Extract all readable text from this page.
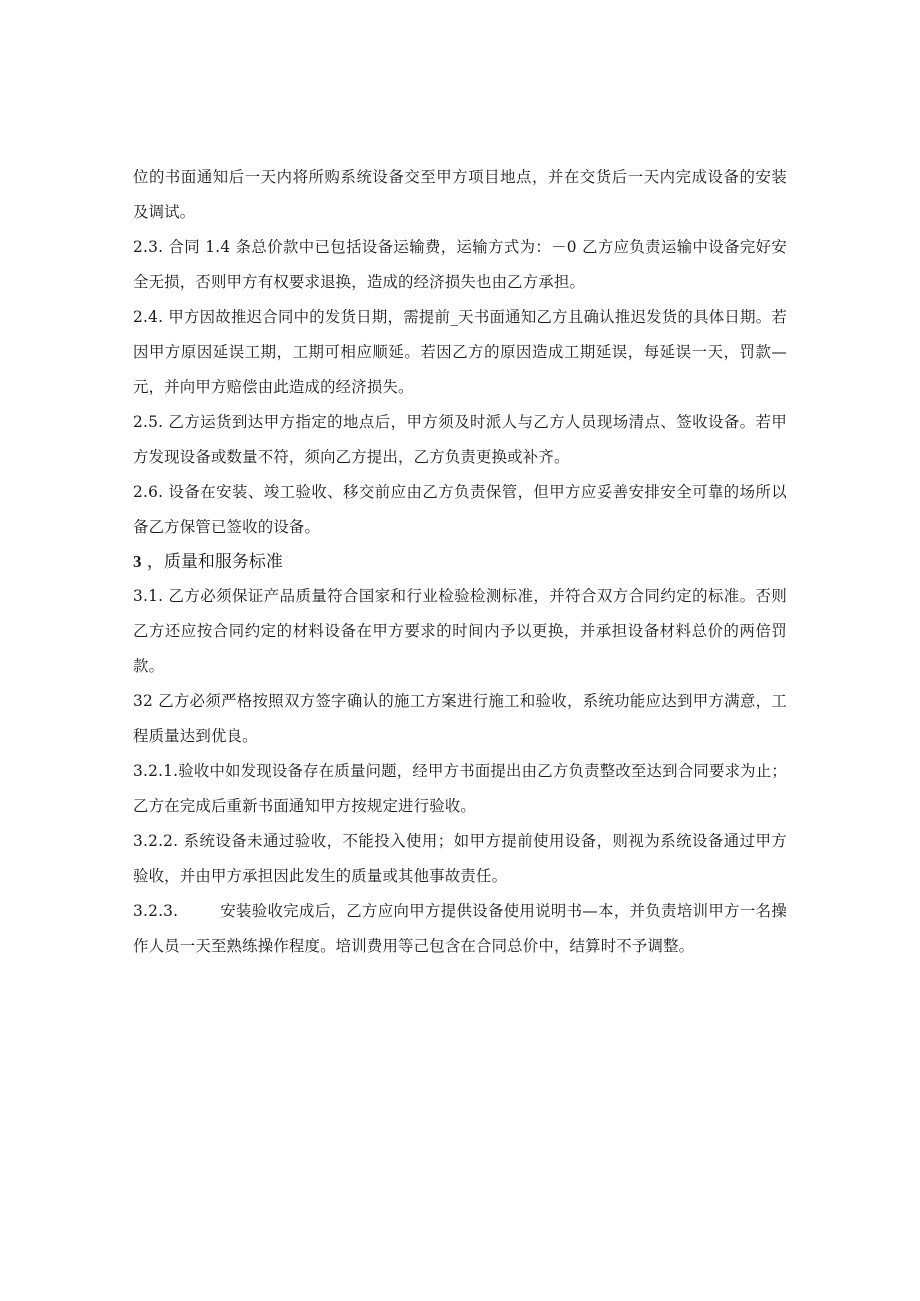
位的书面通知后一天内将所购系统设备交至甲方项目地点，并在交货后一天内完成设备的安装及调试。

2.3. 合同 1.4 条总价款中已包括设备运输费，运输方式为：－0 乙方应负责运输中设备完好安全无损，否则甲方有权要求退换，造成的经济损失也由乙方承担。

2.4. 甲方因故推迟合同中的发货日期，需提前_天书面通知乙方且确认推迟发货的具体日期。若因甲方原因延误工期，工期可相应顺延。若因乙方的原因造成工期延误，每延误一天，罚款—元，并向甲方赔偿由此造成的经济损失。

2.5. 乙方运货到达甲方指定的地点后，甲方须及时派人与乙方人员现场清点、签收设备。若甲方发现设备或数量不符，须向乙方提出，乙方负责更换或补齐。

2.6. 设备在安装、竣工验收、移交前应由乙方负责保管，但甲方应妥善安排安全可靠的场所以备乙方保管已签收的设备。

3 ，质量和服务标准

3.1. 乙方必须保证产品质量符合国家和行业检验检测标准，并符合双方合同约定的标准。否则乙方还应按合同约定的材料设备在甲方要求的时间内予以更换，并承担设备材料总价的两倍罚款。

32 乙方必须严格按照双方签字确认的施工方案进行施工和验收，系统功能应达到甲方满意，工程质量达到优良。

3.2.1.验收中如发现设备存在质量问题，经甲方书面提出由乙方负责整改至达到合同要求为止；乙方在完成后重新书面通知甲方按规定进行验收。

3.2.2. 系统设备未通过验收，不能投入使用；如甲方提前使用设备，则视为系统设备通过甲方验收，并由甲方承担因此发生的质量或其他事故责任。

3.2.3.        安装验收完成后，乙方应向甲方提供设备使用说明书—本，并负责培训甲方一名操作人员一天至熟练操作程度。培训费用等己包含在合同总价中，结算时不予调整。
